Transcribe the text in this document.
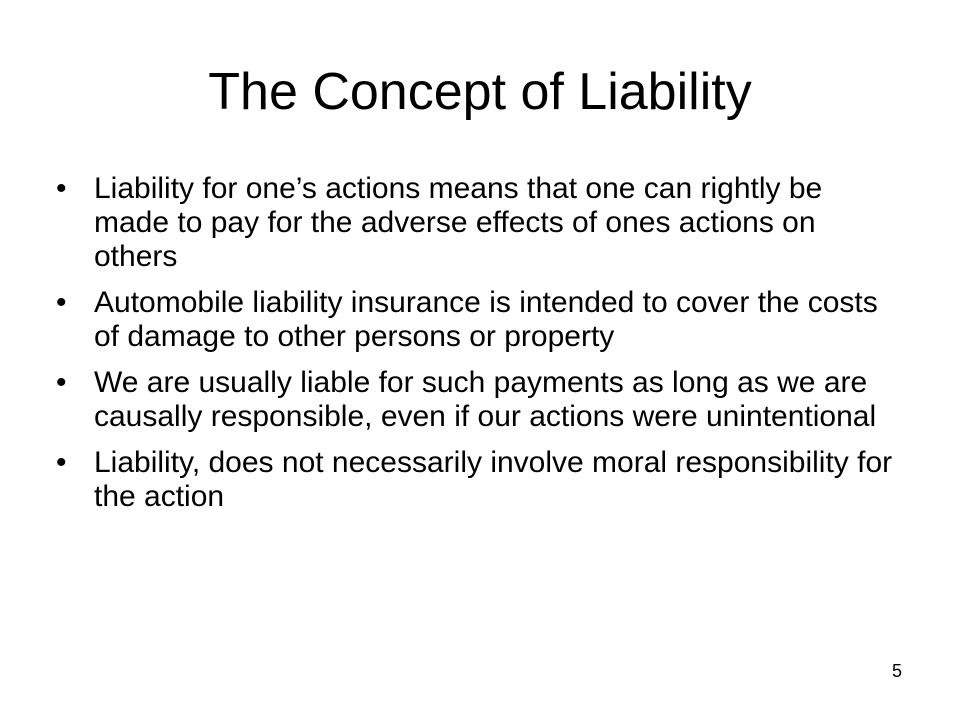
The Concept of Liability
• Liability for one’s actions means that one can rightly be made to pay for the adverse effects of ones actions on others
• Automobile liability insurance is intended to cover the costs of damage to other persons or property
• We are usually liable for such payments as long as we are causally responsible, even if our actions were unintentional
• Liability, does not necessarily involve moral responsibility for the action
5
